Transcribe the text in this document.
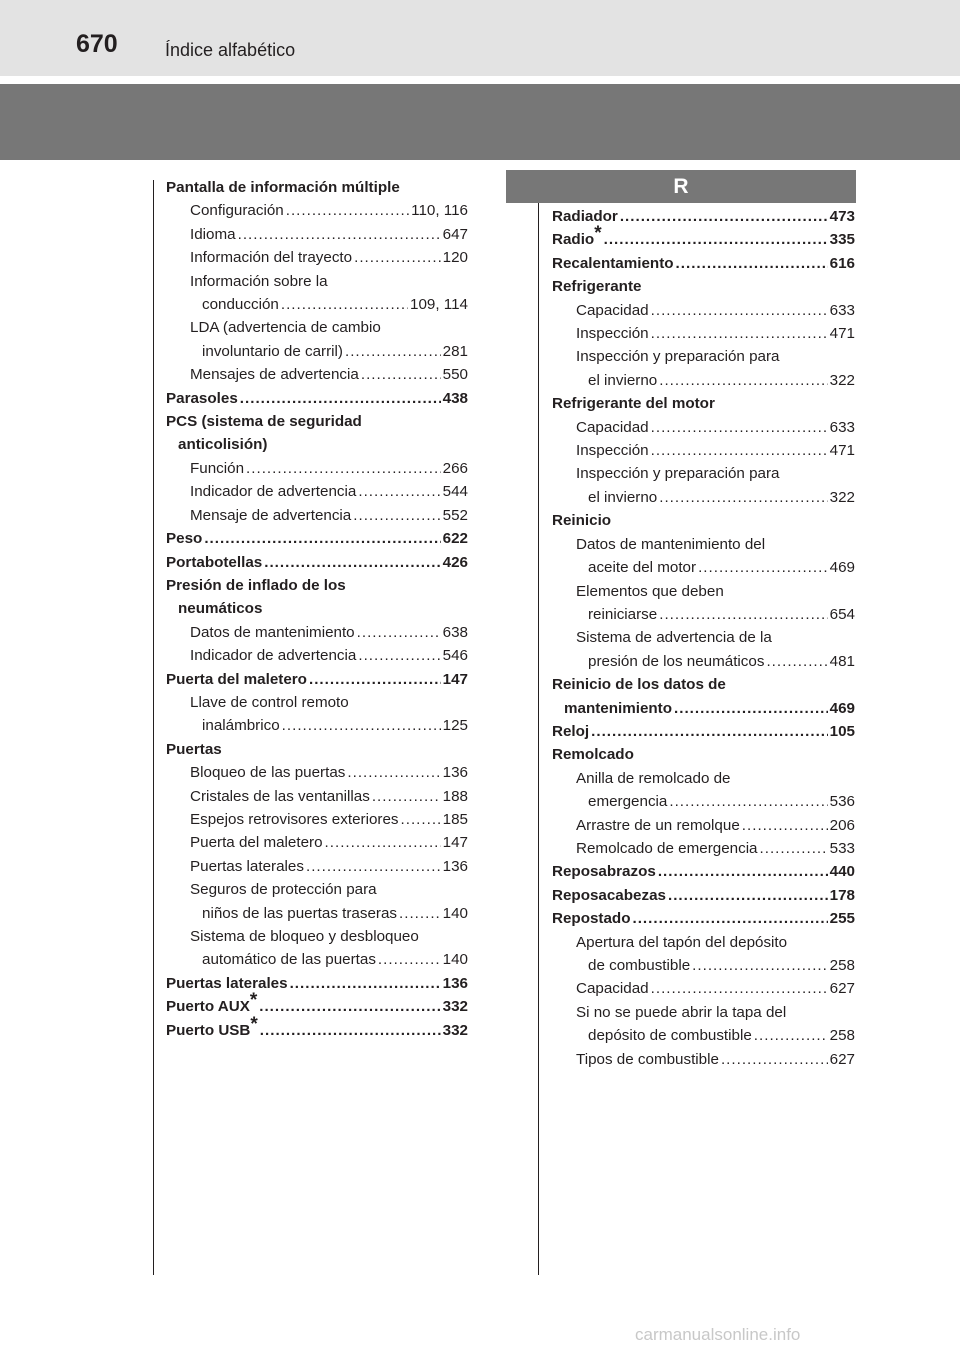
670	Índice alfabético
R
Pantalla de información múltiple
Configuración .....	110, 116
Idioma .....	647
Información del trayecto .....	120
Información sobre la
conducción .....	109, 114
LDA (advertencia de cambio
involuntario de carril) .....	281
Mensajes de advertencia .....	550
Parasoles .....	438
PCS (sistema de seguridad
anticolisión)
Función .....	266
Indicador de advertencia .....	544
Mensaje de advertencia .....	552
Peso .....	622
Portabotellas .....	426
Presión de inflado de los
neumáticos
Datos de mantenimiento .....	638
Indicador de advertencia .....	546
Puerta del maletero .....	147
Llave de control remoto
inalámbrico .....	125
Puertas
Bloqueo de las puertas .....	136
Cristales de las ventanillas .....	188
Espejos retrovisores exteriores .....	185
Puerta del maletero .....	147
Puertas laterales .....	136
Seguros de protección para
niños de las puertas traseras .....	140
Sistema de bloqueo y desbloqueo
automático de las puertas .....	140
Puertas laterales .....	136
Puerto AUX * .....	332
Puerto USB * .....	332
Radiador .....	473
Radio * .....	335
Recalentamiento .....	616
Refrigerante
Capacidad .....	633
Inspección .....	471
Inspección y preparación para
el invierno .....	322
Refrigerante del motor
Capacidad .....	633
Inspección .....	471
Inspección y preparación para
el invierno .....	322
Reinicio
Datos de mantenimiento del
aceite del motor .....	469
Elementos que deben
reiniciarse .....	654
Sistema de advertencia de la
presión de los neumáticos .....	481
Reinicio de los datos de
mantenimiento .....	469
Reloj .....	105
Remolcado
Anilla de remolcado de
emergencia .....	536
Arrastre de un remolque .....	206
Remolcado de emergencia .....	533
Reposabrazos .....	440
Reposacabezas .....	178
Repostado .....	255
Apertura del tapón del depósito
de combustible .....	258
Capacidad .....	627
Si no se puede abrir la tapa del
depósito de combustible .....	258
Tipos de combustible .....	627
carmanualsonline.info
